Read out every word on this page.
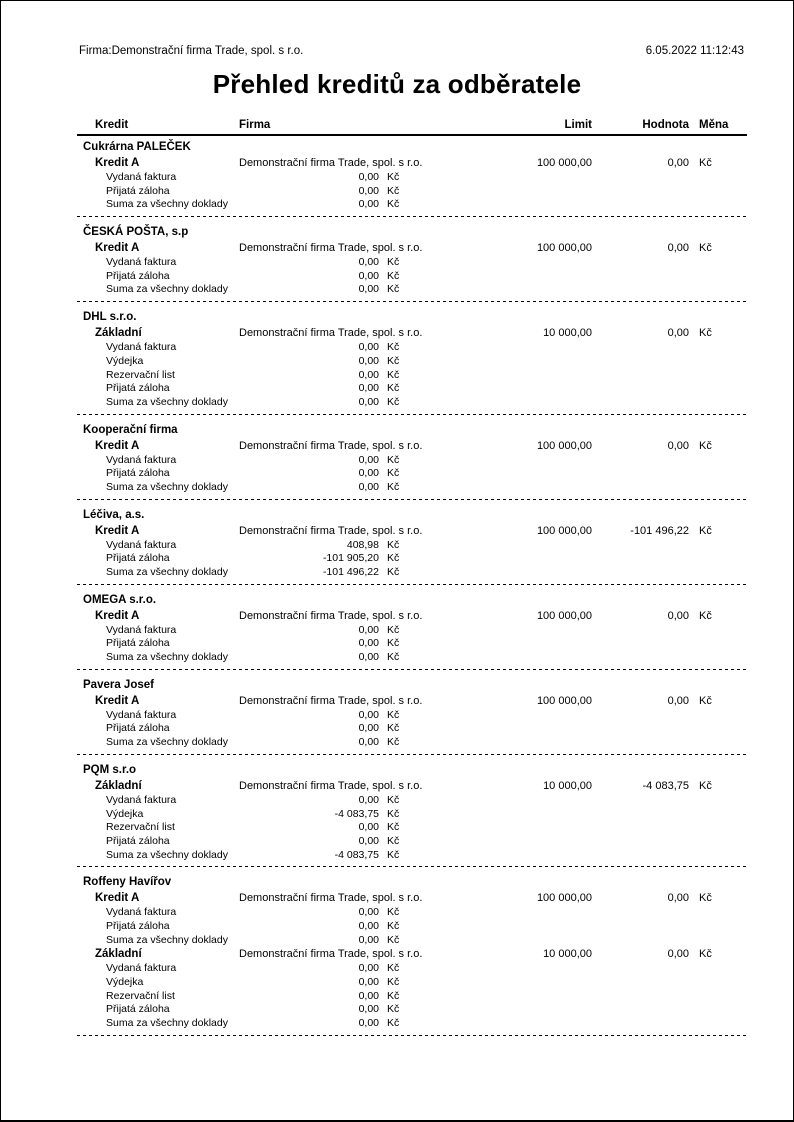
Firma:Demonstrační firma Trade, spol. s r.o.	6.05.2022 11:12:43
Přehled kreditů za odběratele
Kredit	Firma	Limit	Hodnota Měna
Cukrárna PALEČEK
Kredit A	Demonstrační firma Trade, spol. s r.o.	100 000,00	0,00 Kč
Vydaná faktura	0,00 Kč
Přijatá záloha	0,00 Kč
Suma za všechny doklady	0,00 Kč
ČESKÁ POŠTA, s.p
Kredit A	Demonstrační firma Trade, spol. s r.o.	100 000,00	0,00 Kč
Vydaná faktura	0,00 Kč
Přijatá záloha	0,00 Kč
Suma za všechny doklady	0,00 Kč
DHL s.r.o.
Základní	Demonstrační firma Trade, spol. s r.o.	10 000,00	0,00 Kč
Vydaná faktura	0,00 Kč
Výdejka	0,00 Kč
Rezervační list	0,00 Kč
Přijatá záloha	0,00 Kč
Suma za všechny doklady	0,00 Kč
Kooperační firma
Kredit A	Demonstrační firma Trade, spol. s r.o.	100 000,00	0,00 Kč
Vydaná faktura	0,00 Kč
Přijatá záloha	0,00 Kč
Suma za všechny doklady	0,00 Kč
Léčiva, a.s.
Kredit A	Demonstrační firma Trade, spol. s r.o.	100 000,00	-101 496,22 Kč
Vydaná faktura	408,98 Kč
Přijatá záloha	-101 905,20 Kč
Suma za všechny doklady	-101 496,22 Kč
OMEGA s.r.o.
Kredit A	Demonstrační firma Trade, spol. s r.o.	100 000,00	0,00 Kč
Vydaná faktura	0,00 Kč
Přijatá záloha	0,00 Kč
Suma za všechny doklady	0,00 Kč
Pavera Josef
Kredit A	Demonstrační firma Trade, spol. s r.o.	100 000,00	0,00 Kč
Vydaná faktura	0,00 Kč
Přijatá záloha	0,00 Kč
Suma za všechny doklady	0,00 Kč
PQM s.r.o
Základní	Demonstrační firma Trade, spol. s r.o.	10 000,00	-4 083,75 Kč
Vydaná faktura	0,00 Kč
Výdejka	-4 083,75 Kč
Rezervační list	0,00 Kč
Přijatá záloha	0,00 Kč
Suma za všechny doklady	-4 083,75 Kč
Roffeny Havířov
Kredit A	Demonstrační firma Trade, spol. s r.o.	100 000,00	0,00 Kč
Vydaná faktura	0,00 Kč
Přijatá záloha	0,00 Kč
Suma za všechny doklady	0,00 Kč
Základní	Demonstrační firma Trade, spol. s r.o.	10 000,00	0,00 Kč
Vydaná faktura	0,00 Kč
Výdejka	0,00 Kč
Rezervační list	0,00 Kč
Přijatá záloha	0,00 Kč
Suma za všechny doklady	0,00 Kč
